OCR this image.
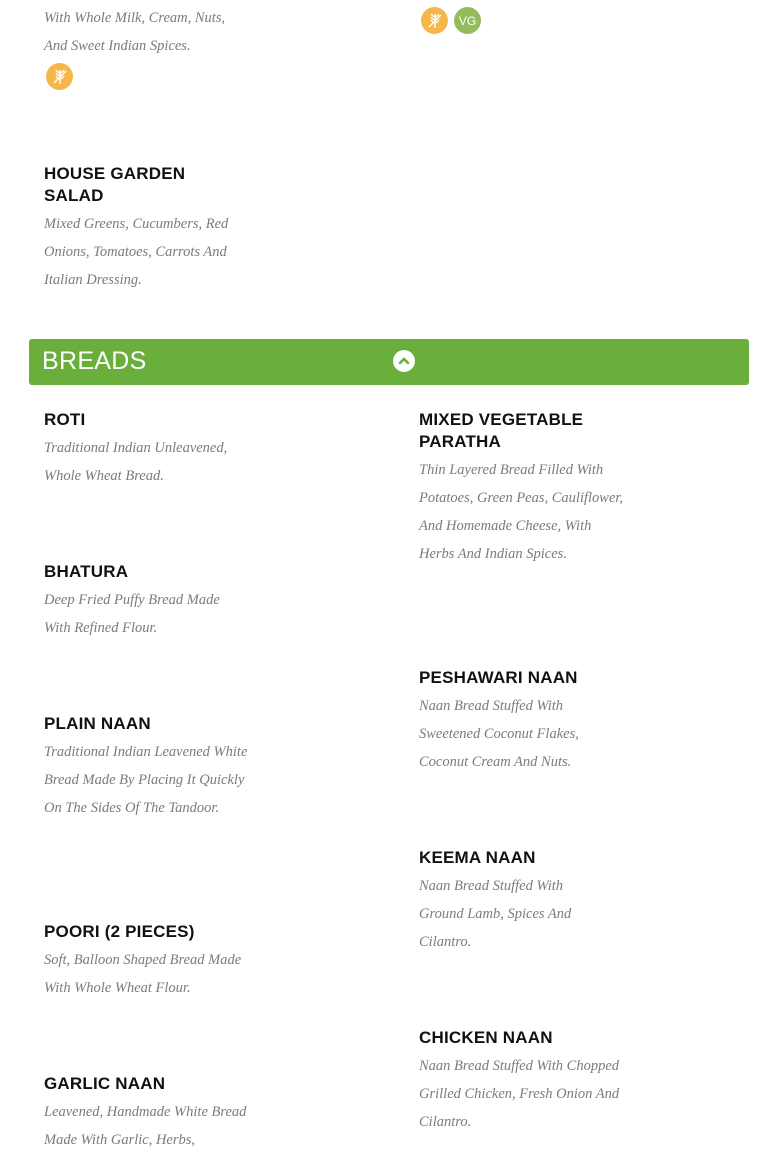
With Whole Milk, Cream, Nuts,
And Sweet Indian Spices.
VG
HOUSE GARDEN SALAD
Mixed Greens, Cucumbers, Red Onions, Tomatoes, Carrots And Italian Dressing.
BREADS
ROTI
Traditional Indian Unleavened, Whole Wheat Bread.
BHATURA
Deep Fried Puffy Bread Made With Refined Flour.
PLAIN NAAN
Traditional Indian Leavened White Bread Made By Placing It Quickly On The Sides Of The Tandoor.
POORI (2 PIECES)
Soft, Balloon Shaped Bread Made With Whole Wheat Flour.
GARLIC NAAN
Leavened, Handmade White Bread Made With Garlic, Herbs,
MIXED VEGETABLE PARATHA
Thin Layered Bread Filled With Potatoes, Green Peas, Cauliflower, And Homemade Cheese, With Herbs And Indian Spices.
PESHAWARI NAAN
Naan Bread Stuffed With Sweetened Coconut Flakes, Coconut Cream And Nuts.
KEEMA NAAN
Naan Bread Stuffed With Ground Lamb, Spices And Cilantro.
CHICKEN NAAN
Naan Bread Stuffed With Chopped Grilled Chicken, Fresh Onion And Cilantro.
